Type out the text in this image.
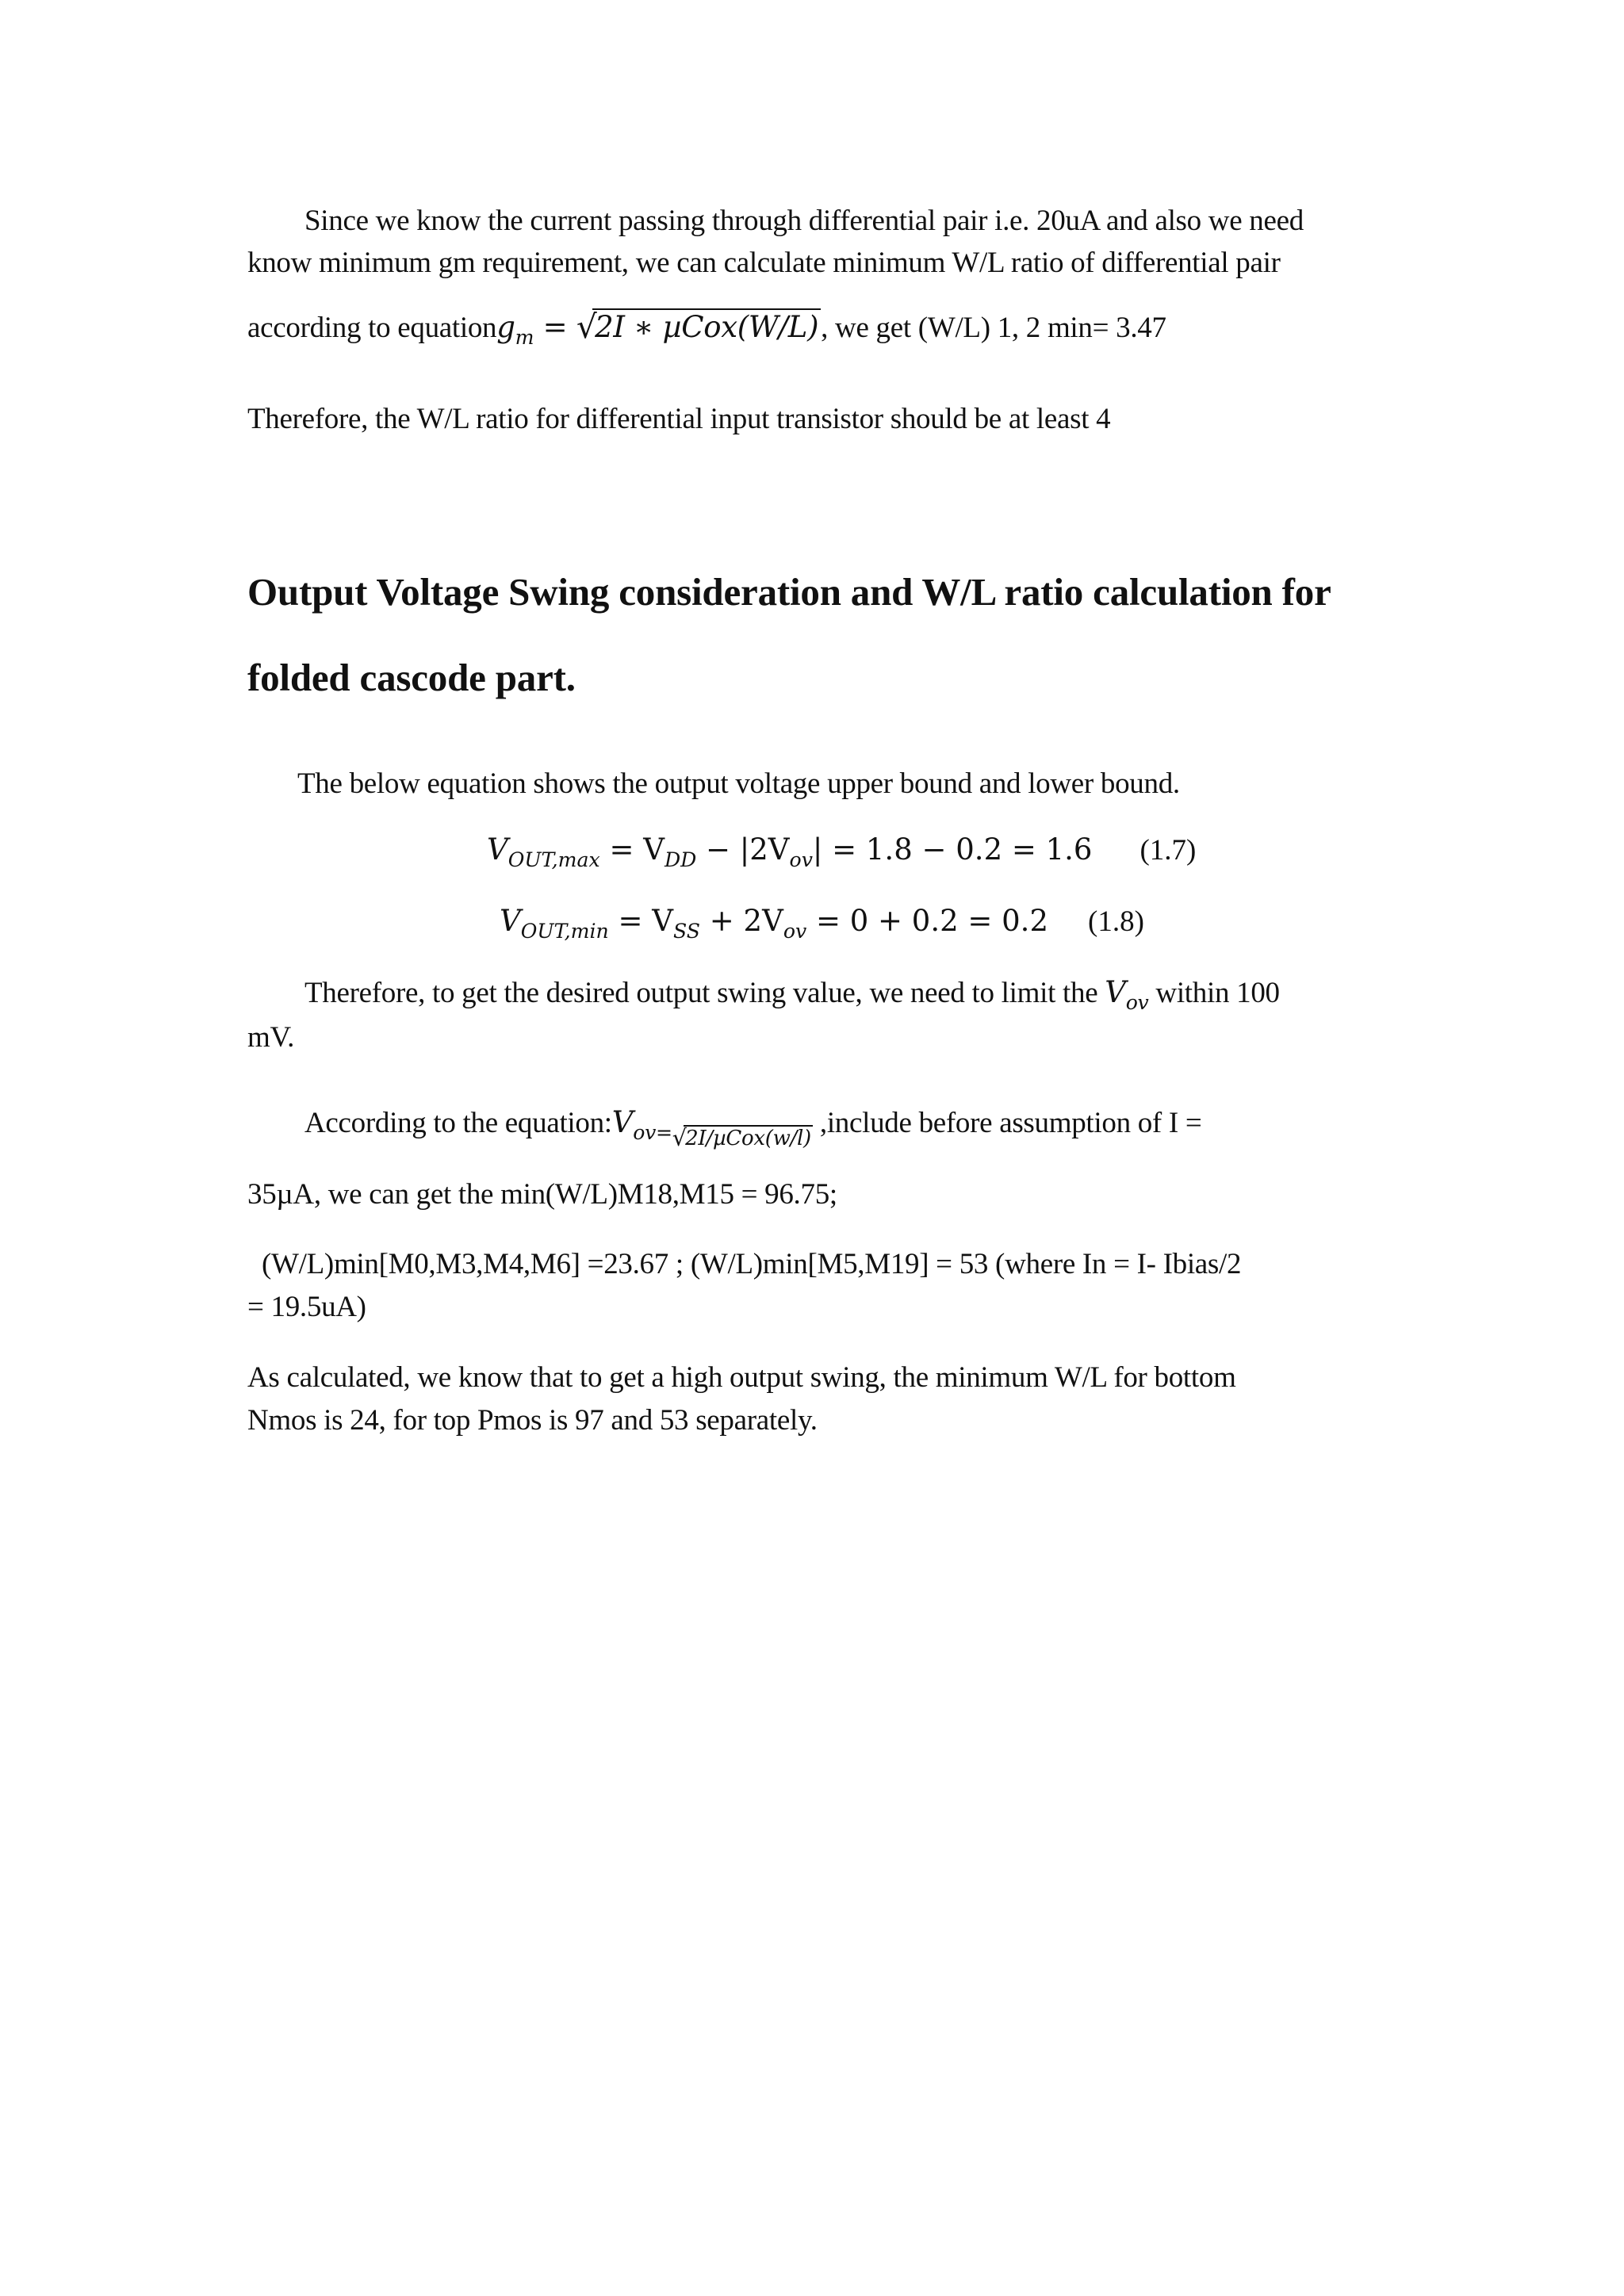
Since we know the current passing through differential pair i.e. 20uA and also we need
know minimum gm requirement, we can calculate minimum W/L ratio of differential pair
according to equationg$_m$ = √ 2I ∗ µCox(W/L), we get (W/L) 1, 2 min= 3.47
Therefore, the W/L ratio for differential input transistor should be at least 4
Output Voltage Swing consideration and W/L ratio calculation for
folded cascode part.
The below equation shows the output voltage upper bound and lower bound.
$V_{OUT,max} = V_{DD} - |2V_{ov}| = 1.8 - 0.2 = 1.6$ (1.7)
$V_{OUT,min} = V_{SS} + 2V_{ov} = 0 + 0.2 = 0.2$ (1.8)
Therefore, to get the desired output swing value, we need to limit the $V_{ov}$ within 100
mV.
According to the $equation:V_{ov=}√$ 2I/µCox(w/l) ,include before assumption of I =
35µA, we can get the min(W/L)M18,M15 = 96.75;
(W/L)min[M0,M3,M4,M6] =23.67 ; (W/L)min[M5,M19] = 53 (where In = I- Ibias/2
= 19.5uA)
As calculated, we know that to get a high output swing, the minimum W/L for bottom
Nmos is 24, for top Pmos is 97 and 53 separately.
